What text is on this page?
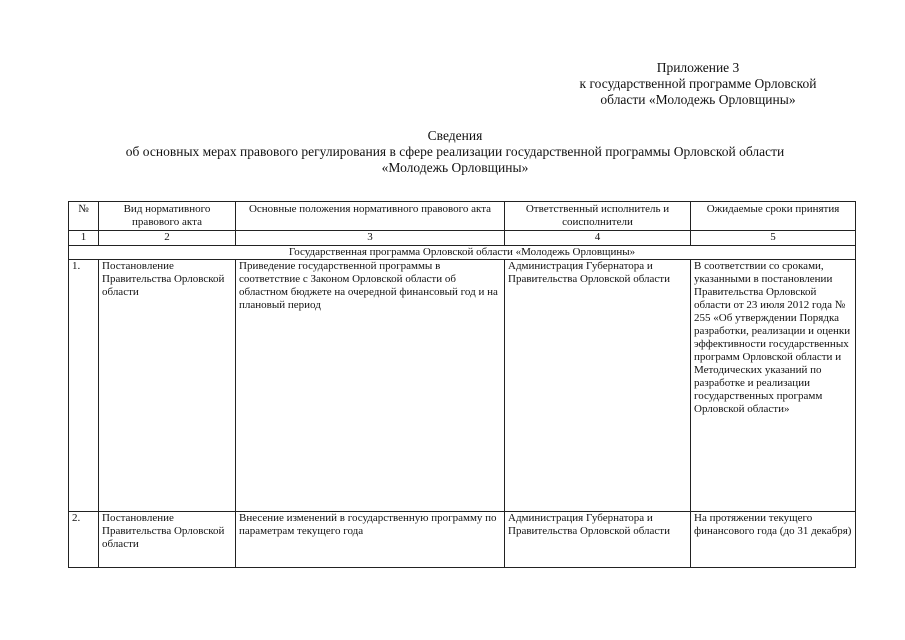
Приложение 3
к государственной программе Орловской
области «Молодежь Орловщины»
Сведения
об основных мерах правового регулирования в сфере реализации государственной программы Орловской области
«Молодежь Орловщины»
№	Вид нормативного правового акта	Основные положения нормативного правового акта	Ответственный исполнитель и соисполнители	Ожидаемые сроки принятия
1	2	3	4	5
Государственная программа Орловской области «Молодежь Орловщины»				
1.	Постановление Правительства Орловской области	Приведение государственной программы в соответствие с Законом Орловской области об областном бюджете на очередной финансовый год и на плановый период	Администрация Губернатора и Правительства Орловской области	В соответствии со сроками, указанными в постановлении Правительства Орловской области от 23 июля 2012 года № 255 «Об утверждении Порядка разработки, реализации и оценки эффективности государственных программ Орловской области и Методических указаний по разработке и реализации государственных программ Орловской области»
2.	Постановление Правительства Орловской области	Внесение изменений в государственную программу по параметрам текущего года	Администрация Губернатора и Правительства Орловской области	На протяжении текущего финансового года (до 31 декабря)
